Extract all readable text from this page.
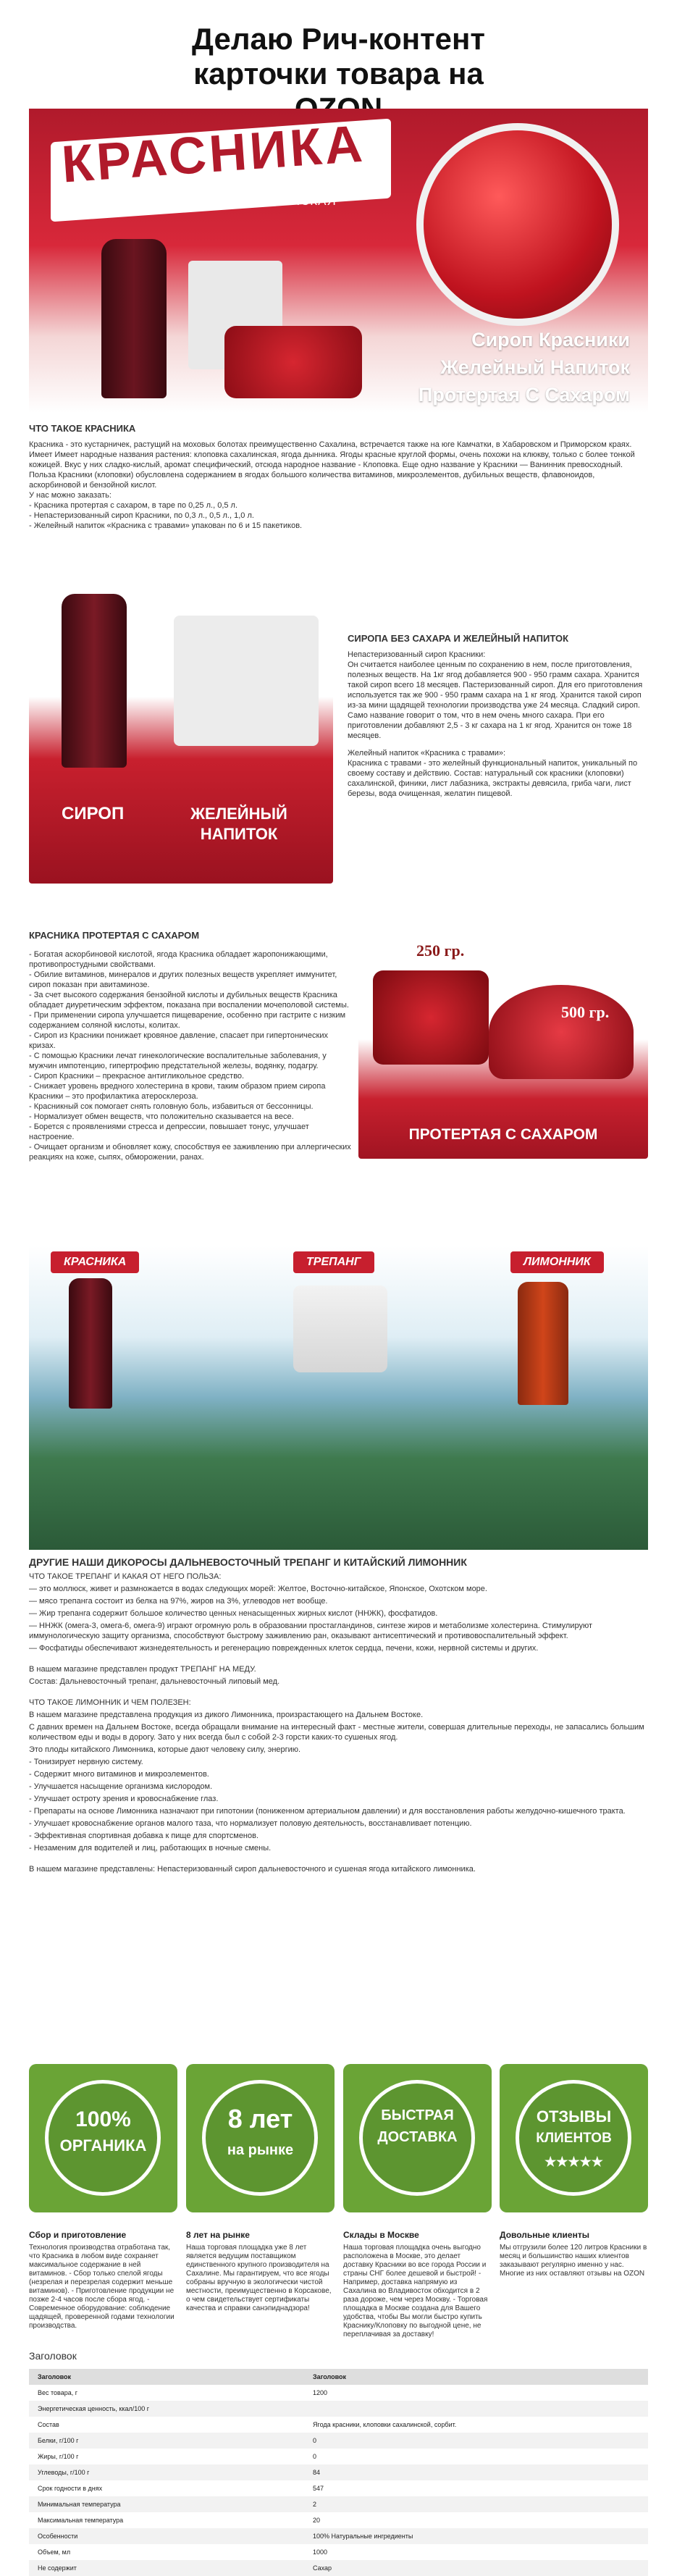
Делаю Рич-контент карточки товара на
КРАСНИКА
КЛОПОВКА САХАЛИНСКАЯ
Сироп Красники
Желейный Напиток
Протертая С Сахаром
ЧТО ТАКОЕ КРАСНИКА

Красника - это кустарничек, растущий на моховых болотах преимущественно Сахалина, встречается также на юге Камчатки, в Хабаровском и Приморском краях. Имеет Имеет народные названия растения: клоповка сахалинская, ягода дынника. Ягоды красные круглой формы, очень похожи на клюкву, только с более тонкой кожицей. Вкус у них сладко-кислый, аромат специфический, отсюда народное название - Клоповка. Еще одно название у Красники — Ванинник превосходный.

Польза Красники (клоповки) обусловлена содержанием в ягодах большого количества витаминов, микроэлементов, дубильных веществ, флавоноидов, аскорбиновой и бензойной кислот.

У нас можно заказать:

- Красника протертая с сахаром, в таре по 0,25 л., 0,5 л.

- Непастеризованный сироп Красники, по 0,3 л., 0,5 л., 1,0 л.

- Желейный напиток «Красника с травами» упакован по 6 и 15 пакетиков.

СИРОП	ЖЕЛЕЙНЫЙ НАПИТОК
СИРОПА БЕЗ САХАРА И ЖЕЛЕЙНЫЙ НАПИТОК

Непастеризованный сироп Красники:

Он считается наиболее ценным по сохранению в нем, после приготовления, полезных веществ. На 1кг ягод добавляется 900 - 950 грамм сахара. Хранится такой сироп всего 18 месяцев. Пастеризованный сироп. Для его приготовления используется так же 900 - 950 грамм сахара на 1 кг ягод. Хранится такой сироп из-за мини щадящей технологии производства уже 24 месяца. Сладкий сироп. Само название говорит о том, что в нем очень много сахара. При его приготовлении добавляют 2,5 - 3 кг сахара на 1 кг ягод. Хранится он тоже 18 месяцев.

Желейный напиток «Красника с травами»:

Красника с травами - это желейный функциональный напиток, уникальный по своему составу и действию. Состав: натуральный сок красники (клоповки) сахалинской, финики, лист лабазника, экстракты девясила, гриба чаги, лист березы, вода очищенная, желатин пищевой.

КРАСНИКА ПРОТЕРТАЯ С САХАРОМ

- Богатая аскорбиновой кислотой, ягода Красника обладает жаропонижающими, противопростудными свойствами.

- Обилие витаминов, минералов и других полезных веществ укрепляет иммунитет, сироп показан при авитаминозе.

- За счет высокого содержания бензойной кислоты и дубильных веществ Красника обладает диуретическим эффектом, показана при воспалении мочеполовой системы.

- При применении сиропа улучшается пищеварение, особенно при гастрите с низким содержанием соляной кислоты, колитах.

- Сироп из Красники понижает кровяное давление, спасает при гипертонических кризах.

- С помощью Красники лечат гинекологические воспалительные заболевания, у мужчин импотенцию, гипертрофию предстательной железы, водянку, подагру.

- Сироп Красники – прекрасное антигликольное средство.

- Снижает уровень вредного холестерина в крови, таким образом прием сиропа Красники – это профилактика атеросклероза.

- Красникный сок помогает снять головную боль, избавиться от бессонницы.

- Нормализует обмен веществ, что положительно сказывается на весе.

- Борется с проявлениями стресса и депрессии, повышает тонус, улучшает настроение.

- Очищает организм и обновляет кожу, способствуя ее заживлению при аллергических реакциях на коже, сыпях, обморожении, ранах.

250 гр.
500 гр.
ПРОТЕРТАЯ С САХАРОМ
КРАСНИКА	ТРЕПАНГ	ЛИМОННИК
ДРУГИЕ НАШИ ДИКОРОСЫ ДАЛЬНЕВОСТОЧНЫЙ ТРЕПАНГ И КИТАЙСКИЙ ЛИМОННИК

ЧТО ТАКОЕ ТРЕПАНГ И КАКАЯ ОТ НЕГО ПОЛЬЗА:

— это моллюск, живет и размножается в водах следующих морей: Желтое, Восточно-китайское, Японское, Охотском море.

— мясо трепанга состоит из белка на 97%, жиров на 3%, углеводов нет вообще.

— Жир трепанга содержит большое количество ценных ненасыщенных жирных кислот (ННЖК), фосфатидов.

— ННЖК (омега-3, омега-6, омега-9) играют огромную роль в образовании простагландинов, синтезе жиров и метаболизме холестерина. Стимулируют иммунологическую защиту организма, способствуют быстрому заживлению ран, оказывают антисептический и противовоспалительный эффект.

— Фосфатиды обеспечивают жизнедеятельность и регенерацию поврежденных клеток сердца, печени, кожи, нервной системы и других.

В нашем магазине представлен продукт ТРЕПАНГ НА МЕДУ.

Состав: Дальневосточный трепанг, дальневосточный липовый мед.

ЧТО ТАКОЕ ЛИМОННИК И ЧЕМ ПОЛЕЗЕН:

В нашем магазине представлена продукция из дикого Лимонника, произрастающего на Дальнем Востоке.

С давних времен на Дальнем Востоке, всегда обращали внимание на интересный факт - местные жители, совершая длительные переходы, не запасались большим количеством еды и воды в дорогу. Зато у них всегда был с собой 2-3 горсти каких-то сушеных ягод.

Это плоды китайского Лимонника, которые дают человеку силу, энергию.

- Тонизирует нервную систему.

- Содержит много витаминов и микроэлементов.

- Улучшается насыщение организма кислородом.

- Улучшает остроту зрения и кровоснабжение глаз.

- Препараты на основе Лимонника назначают при гипотонии (пониженном артериальном давлении) и для восстановления работы желудочно-кишечного тракта.

- Улучшает кровоснабжение органов малого таза, что нормализует половую деятельность, восстанавливает потенцию.

- Эффективная спортивная добавка к пище для спортсменов.

- Незаменим для водителей и лиц, работающих в ночные смены.

В нашем магазине представлены: Непастеризованный сироп дальневосточного и сушеная ягода китайского лимонника.

100%
ОРГАНИКА
8 лет
на рынке
БЫСТРАЯ
ДОСТАВКА
ОТЗЫВЫ
КЛИЕНТОВ
★★★★★
Сбор и приготовление
Технология производства отработана так, что Красника в любом виде сохраняет максимальное содержание в ней витаминов. - Сбор только спелой ягоды (незрелая и перезрелая содержит меньше витаминов). - Приготовление продукции не позже 2-4 часов после сбора ягод. - Современное оборудование: соблюдение щадящей, проверенной годами технологии производства.
8 лет на рынке
Наша торговая площадка уже 8 лет является ведущим поставщиком единственного крупного производителя на Сахалине. Мы гарантируем, что все ягоды собраны вручную в экологически чистой местности, преимущественно в Корсакове, о чем свидетельствует сертификаты качества и справки санэпиднадзора!
Склады в Москве
Наша торговая площадка очень выгодно расположена в Москве, это делает доставку Красники во все города России и страны СНГ более дешевой и быстрой! - Например, доставка напрямую из Сахалина во Владивосток обходится в 2 раза дороже, чем через Москву. - Торговая площадка в Москве создана для Вашего удобства, чтобы Вы могли быстро купить Краснику/Клоповку по выгодной цене, не переплачивая за доставку!
Довольные клиенты
Мы отгрузили более 120 литров Красники в месяц и большинство наших клиентов заказывают регулярно именно у нас. Многие из них оставляют отзывы на OZON
Заголовок
Заголовок	Заголовок
Вес товара, г	1200
Энергетическая ценность, ккал/100 г	
Состав	Ягода красники, клоповки сахалинской, сорбит.
Белки, г/100 г	0
Жиры, г/100 г	0
Углеводы, г/100 г	84
Срок годности в днях	547
Минимальная температура	2
Максимальная температура	20
Особенности	100% Натуральные ингредиенты
Объем, мл	1000
Не содержит	Сахар
